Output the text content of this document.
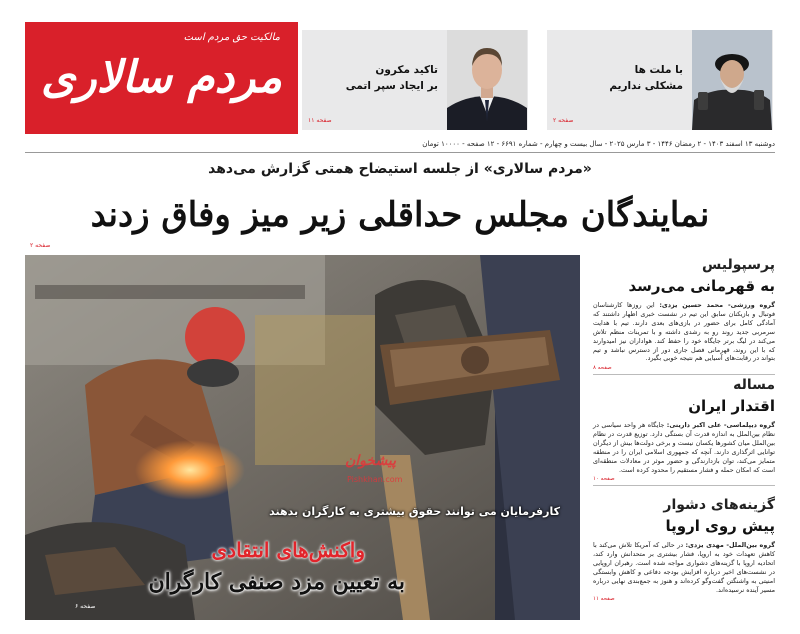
مالکیت حق مردم است
مردم سالاری	تاکید مکرون
بر ایجاد سپر اتمی
صفحه ۱۱
با ملت ها
مشکلی نداریم
صفحه ۲
دوشنبه ۱۳ اسفند ۱۴۰۳ - ۲ رمضان ۱۴۴۶ - ۳ مارس ۲۰۲۵ - سال بیست و چهارم - شماره ۶۶۹۱ - ۱۲ صفحه - ۱۰۰۰۰ تومان
«مردم سالاری» از جلسه استیضاح همتی گزارش می‌دهد
نمایندگان مجلس حداقلی زیر میز وفاق زدند
صفحه ۲
پیشخوان
Pishkhan.com
کارفرمایان می توانند حقوق بیشتری به کارگران بدهند
واکنش‌های انتقادی
به تعیین مزد صنفی کارگران
صفحه ۶
پرسپولیس
به قهرمانی می‌رسد
گروه ورزشی- محمد حسین یزدی: این روزها کارشناسان فوتبال و بازیکنان سابق این تیم در نشست خبری اظهار داشتند که آمادگی کامل برای حضور در بازی‌های بعدی دارند. تیم با هدایت سرمربی جدید روند رو به رشدی داشته و با تمرینات منظم تلاش می‌کند در لیگ برتر جایگاه خود را حفظ کند. هواداران نیز امیدوارند که با این روند، قهرمانی فصل جاری دور از دسترس نباشد و تیم بتواند در رقابت‌های آسیایی هم نتیجه خوبی بگیرد.
صفحه ۸
مساله
اقتدار ایران
گروه دیپلماسی- علی اکبر دارینی: جایگاه هر واحد سیاسی در نظام بین‌الملل به اندازه قدرت آن بستگی دارد. توزیع قدرت در نظام بین‌الملل میان کشورها یکسان نیست و برخی دولت‌ها بیش از دیگران توانایی اثرگذاری دارند. آنچه که جمهوری اسلامی ایران را در منطقه متمایز می‌کند، توان بازدارندگی و حضور موثر در معادلات منطقه‌ای است که امکان حمله و فشار مستقیم را محدود کرده است.
صفحه ۱۰
گزینه‌های دشوار
پیش روی اروپا
گروه بین‌الملل- مهدی یزدی: در حالی که آمریکا تلاش می‌کند با کاهش تعهدات خود به اروپا، فشار بیشتری بر متحدانش وارد کند، اتحادیه اروپا با گزینه‌های دشواری مواجه شده است. رهبران اروپایی در نشست‌های اخیر درباره افزایش بودجه دفاعی و کاهش وابستگی امنیتی به واشنگتن گفت‌وگو کرده‌اند و هنوز به جمع‌بندی نهایی درباره مسیر آینده نرسیده‌اند.
صفحه ۱۱
